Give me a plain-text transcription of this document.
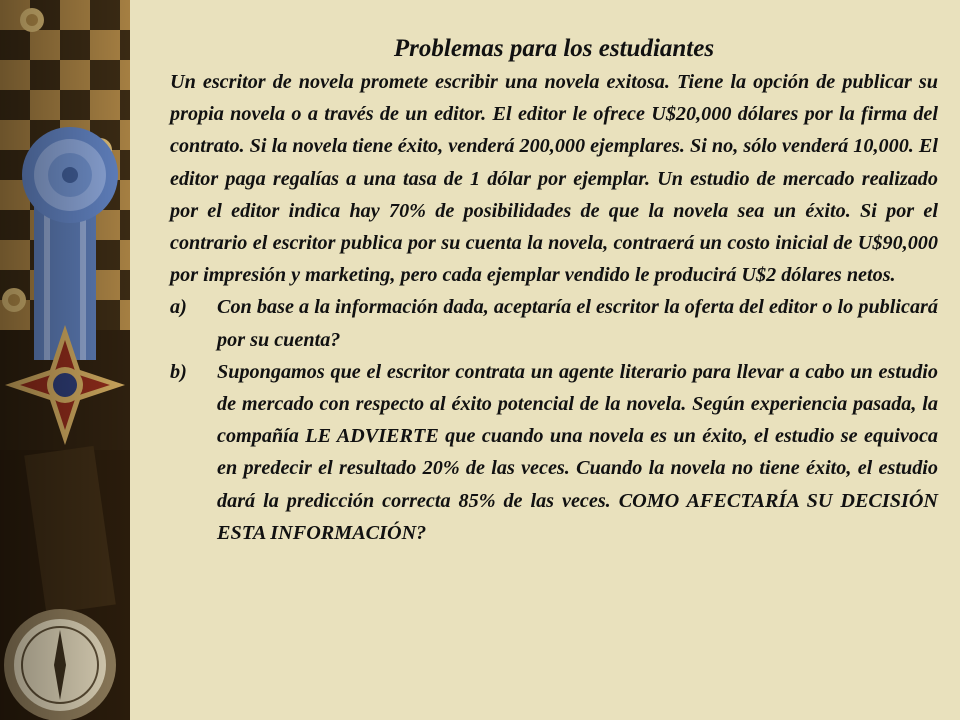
Problemas para los estudiantes

Un escritor de novela promete escribir una novela exitosa. Tiene la opción de publicar su propia novela o a través de un editor. El editor le ofrece U$20,000 dólares por la firma del contrato. Si la novela tiene éxito, venderá 200,000 ejemplares. Si no, sólo venderá 10,000. El editor paga regalías a una tasa de 1 dólar por ejemplar. Un estudio de mercado realizado por el editor indica hay 70% de posibilidades de que la novela sea un éxito. Si por el contrario el escritor publica por su cuenta la novela, contraerá un costo inicial de U$90,000 por impresión y marketing, pero cada ejemplar vendido le producirá U$2 dólares netos.

a) Con base a la información dada, aceptaría el escritor la oferta del editor o lo publicará por su cuenta?
b) Supongamos que el escritor contrata un agente literario para llevar a cabo un estudio de mercado con respecto al éxito potencial de la novela. Según experiencia pasada, la compañía LE ADVIERTE que cuando una novela es un éxito, el estudio se equivoca en predecir el resultado 20% de las veces. Cuando la novela no tiene éxito, el estudio dará la predicción correcta 85% de las veces. COMO AFECTARÍA SU DECISIÓN ESTA INFORMACIÓN?
